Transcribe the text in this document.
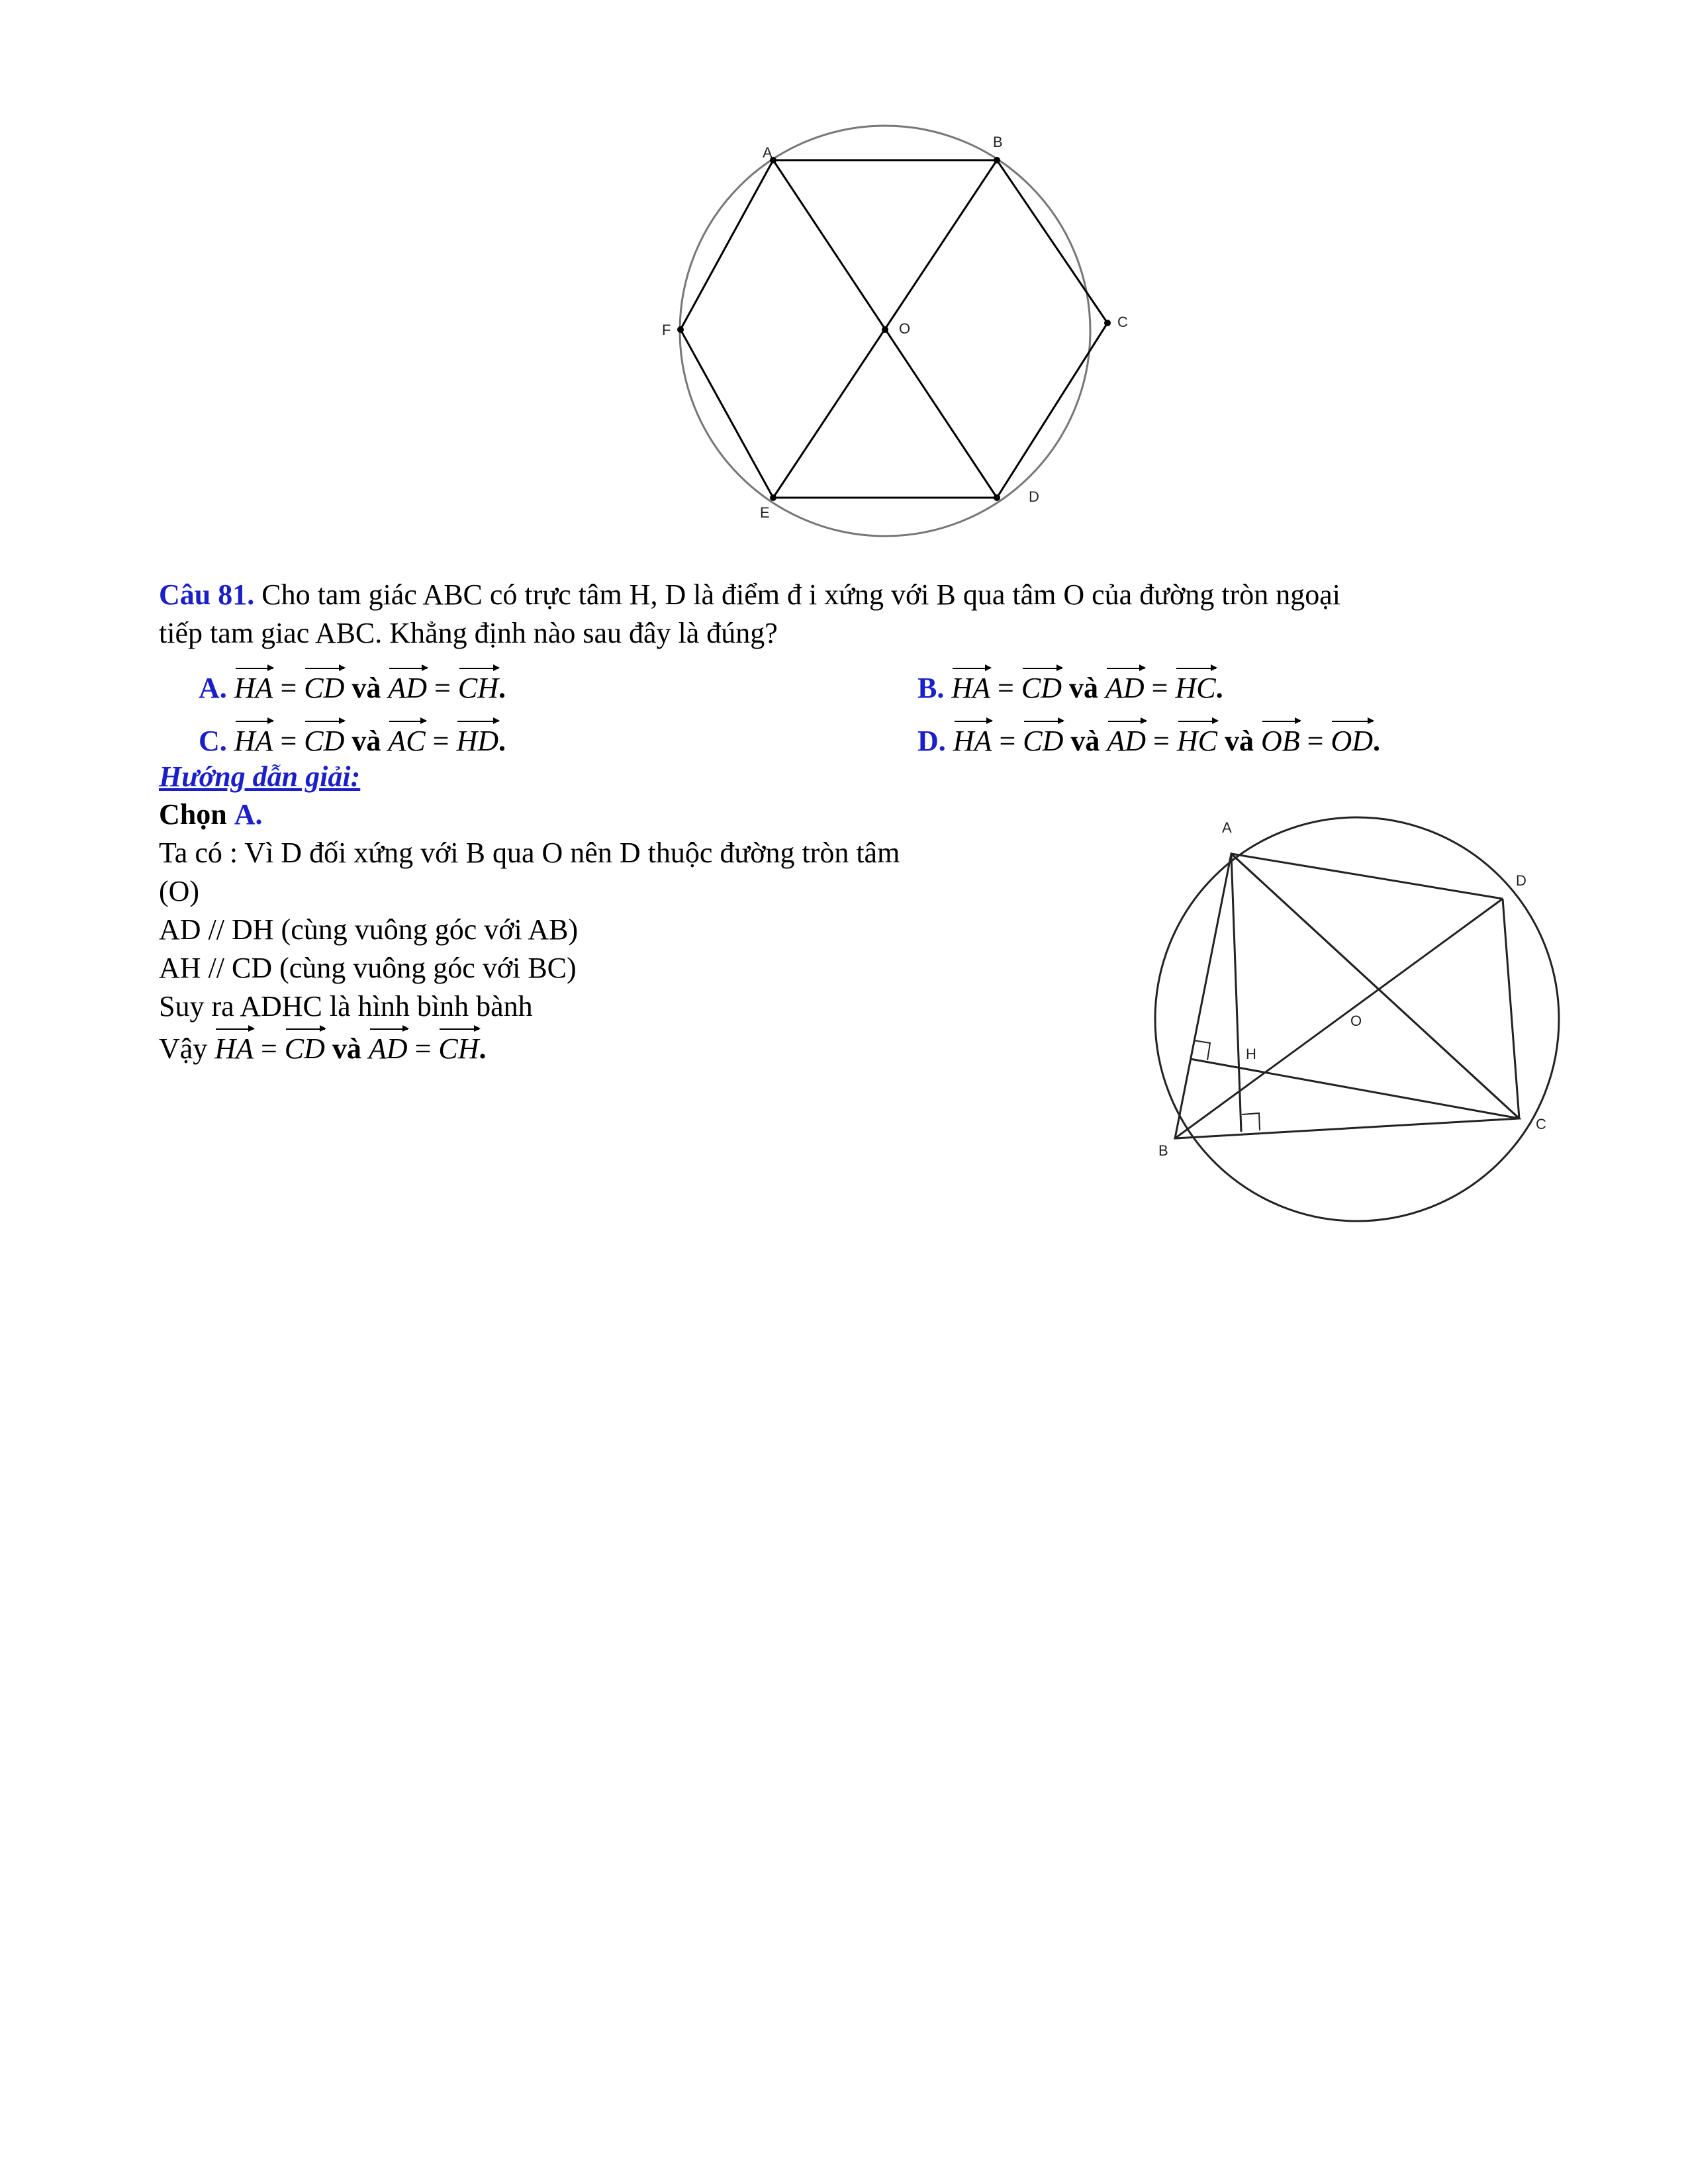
A
B
C
D
E
F	O
Câu 81. Cho tam giác ABC có trực tâm H, D là điểm đ i xứng với B qua tâm O của đường tròn ngoại
tiếp tam giac ABC. Khẳng định nào sau đây là đúng?
A. HA = CD và AD = CH.	B. HA = CD và AD = HC.
C. HA = CD và AC = HD.	D. HA = CD và AD = HC và OB = OD.
Hướng dẫn giải:
Chọn A.
Ta có : Vì D đối xứng với B qua O nên D thuộc đường tròn tâm
(O)
AD // DH (cùng vuông góc với AB)
AH // CD (cùng vuông góc với BC)
Suy ra ADHC là hình bình bành
Vậy HA = CD và AD = CH.
A
D
O
H
B
C
